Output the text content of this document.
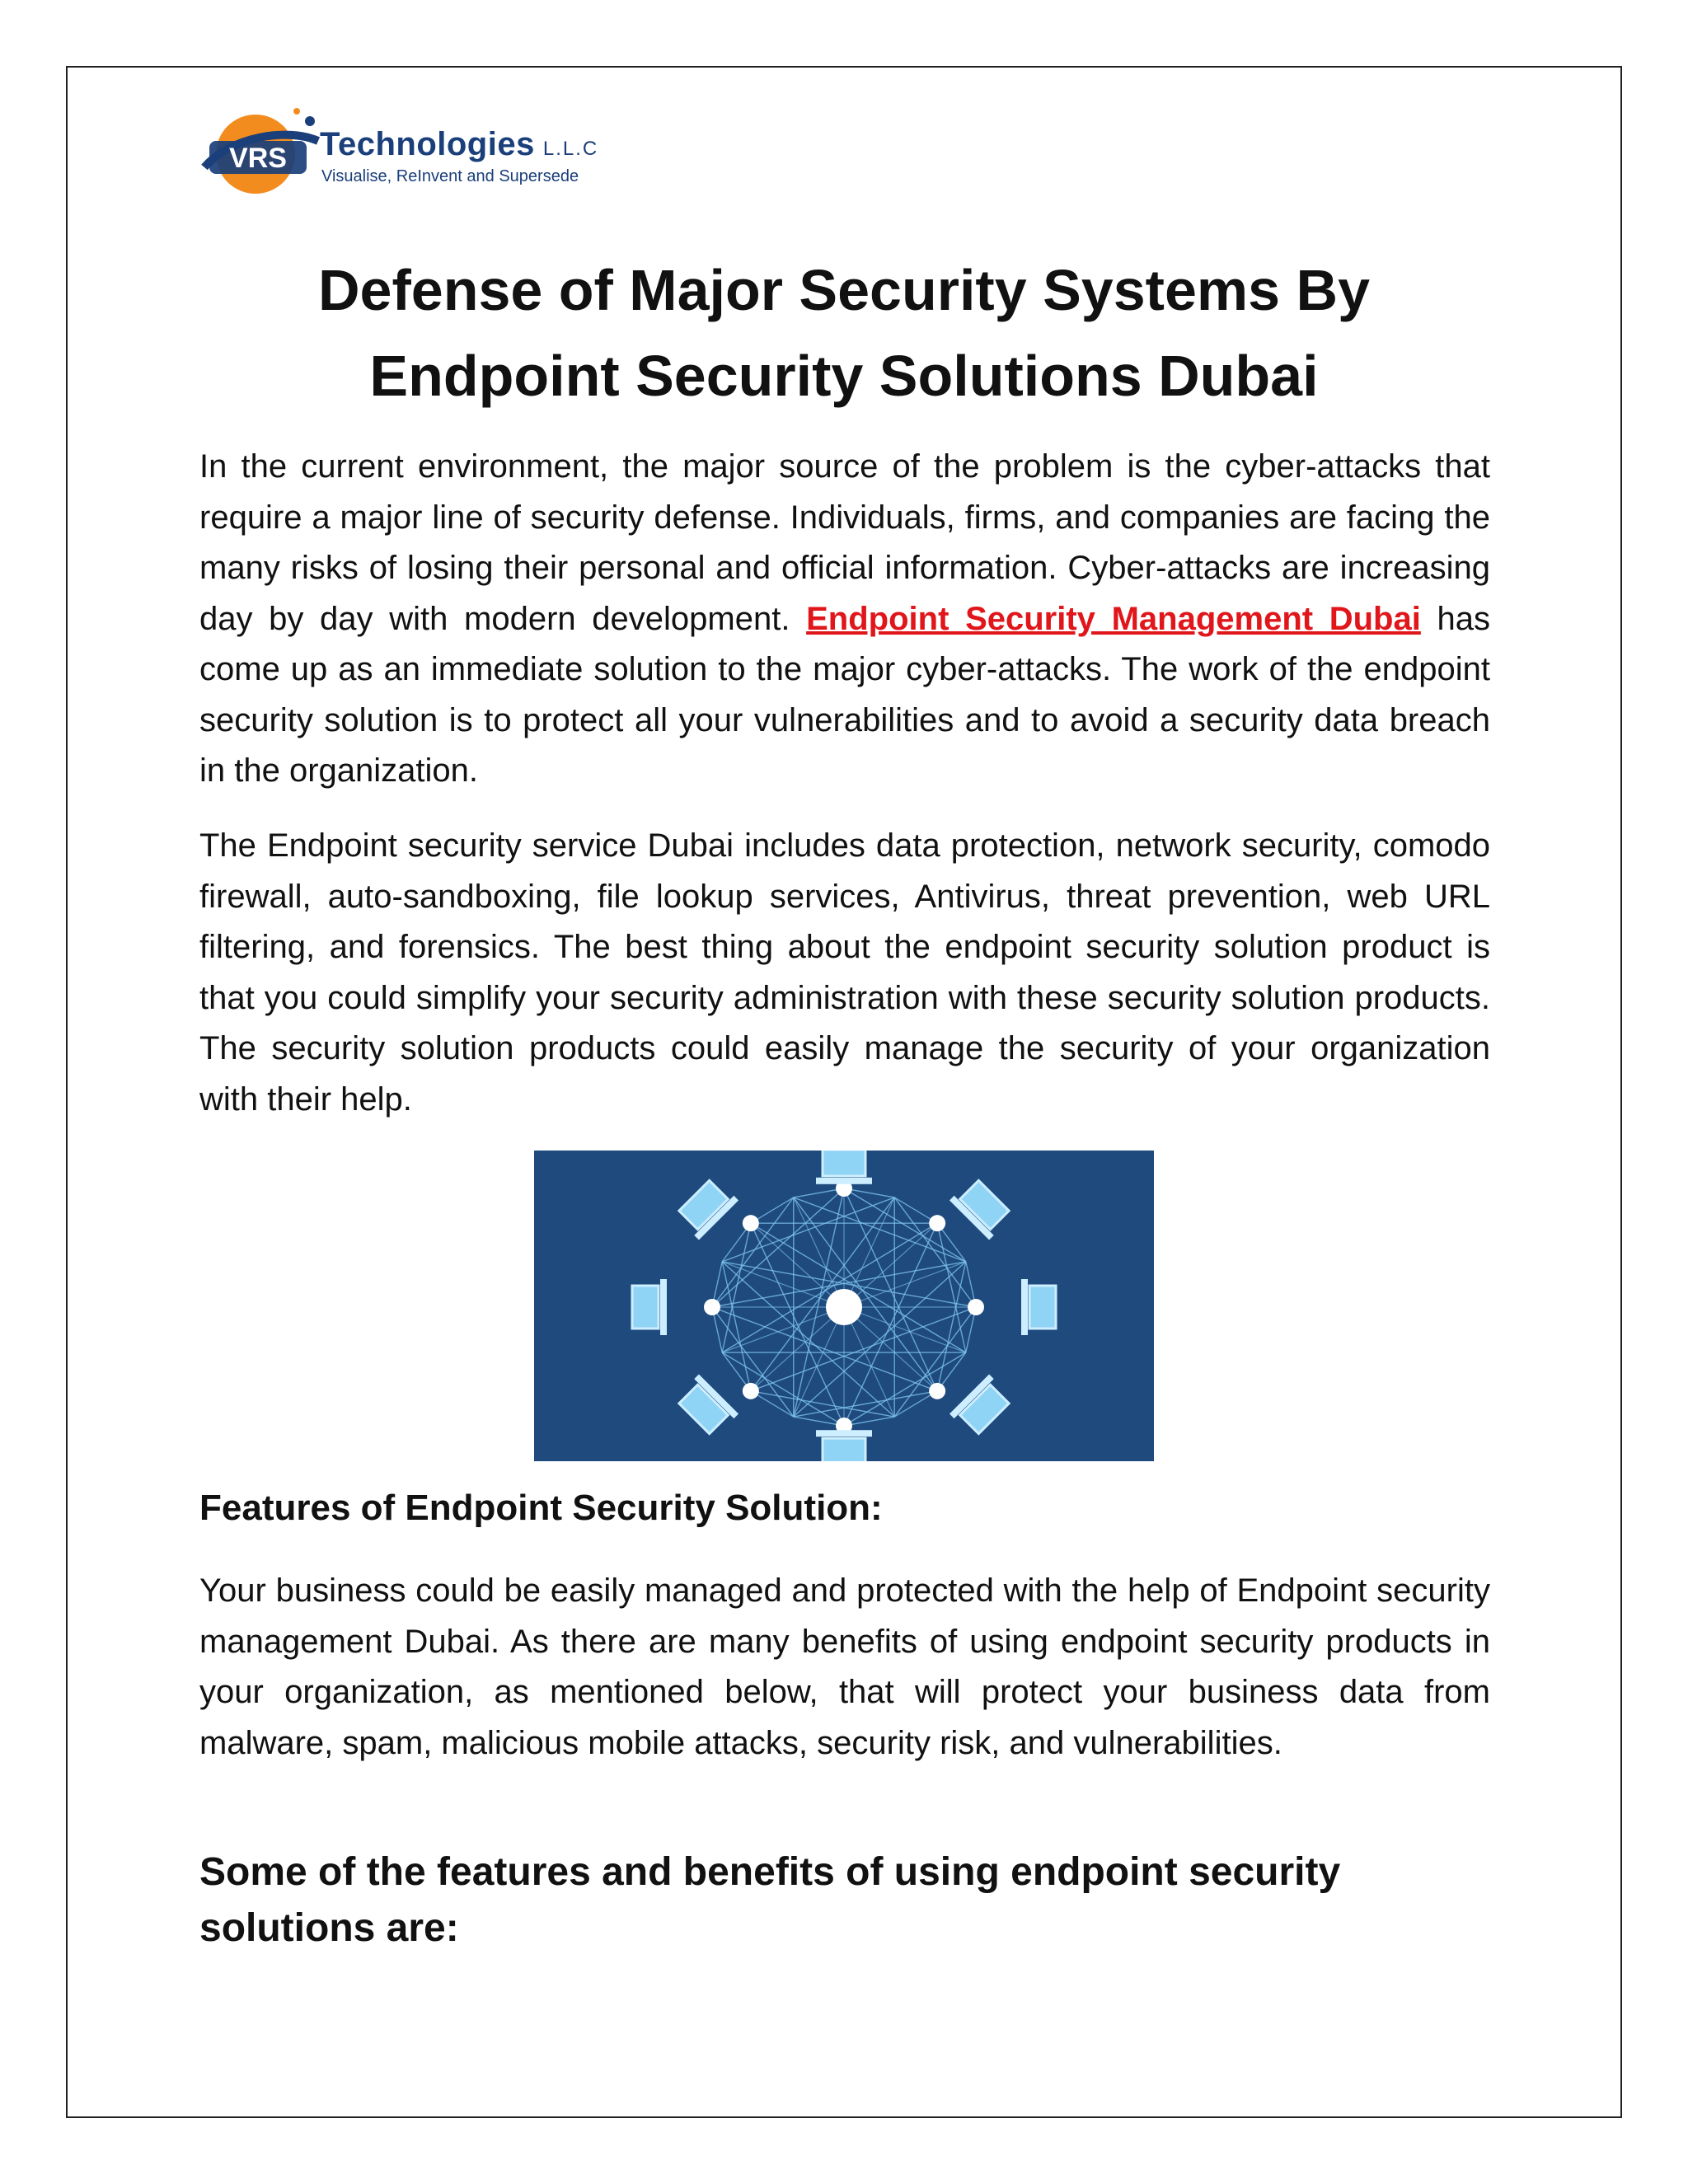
VRS Technologies L.L.C
Visualise, ReInvent and Supersede
Defense of Major Security Systems By
Endpoint Security Solutions Dubai

In the current environment, the major source of the problem is the cyber-attacks that require a major line of security defense. Individuals, firms, and companies are facing the many risks of losing their personal and official information. Cyber-attacks are increasing day by day with modern development. Endpoint Security Management Dubai has come up as an immediate solution to the major cyber-attacks. The work of the endpoint security solution is to protect all your vulnerabilities and to avoid a security data breach in the organization.

The Endpoint security service Dubai includes data protection, network security, comodo firewall, auto-sandboxing, file lookup services, Antivirus, threat prevention, web URL filtering, and forensics. The best thing about the endpoint security solution product is that you could simplify your security administration with these security solution products. The security solution products could easily manage the security of your organization with their help.

Features of Endpoint Security Solution:

Your business could be easily managed and protected with the help of Endpoint security management Dubai. As there are many benefits of using endpoint security products in your organization, as mentioned below, that will protect your business data from malware, spam, malicious mobile attacks, security risk, and vulnerabilities.

Some of the features and benefits of using endpoint security solutions are:
